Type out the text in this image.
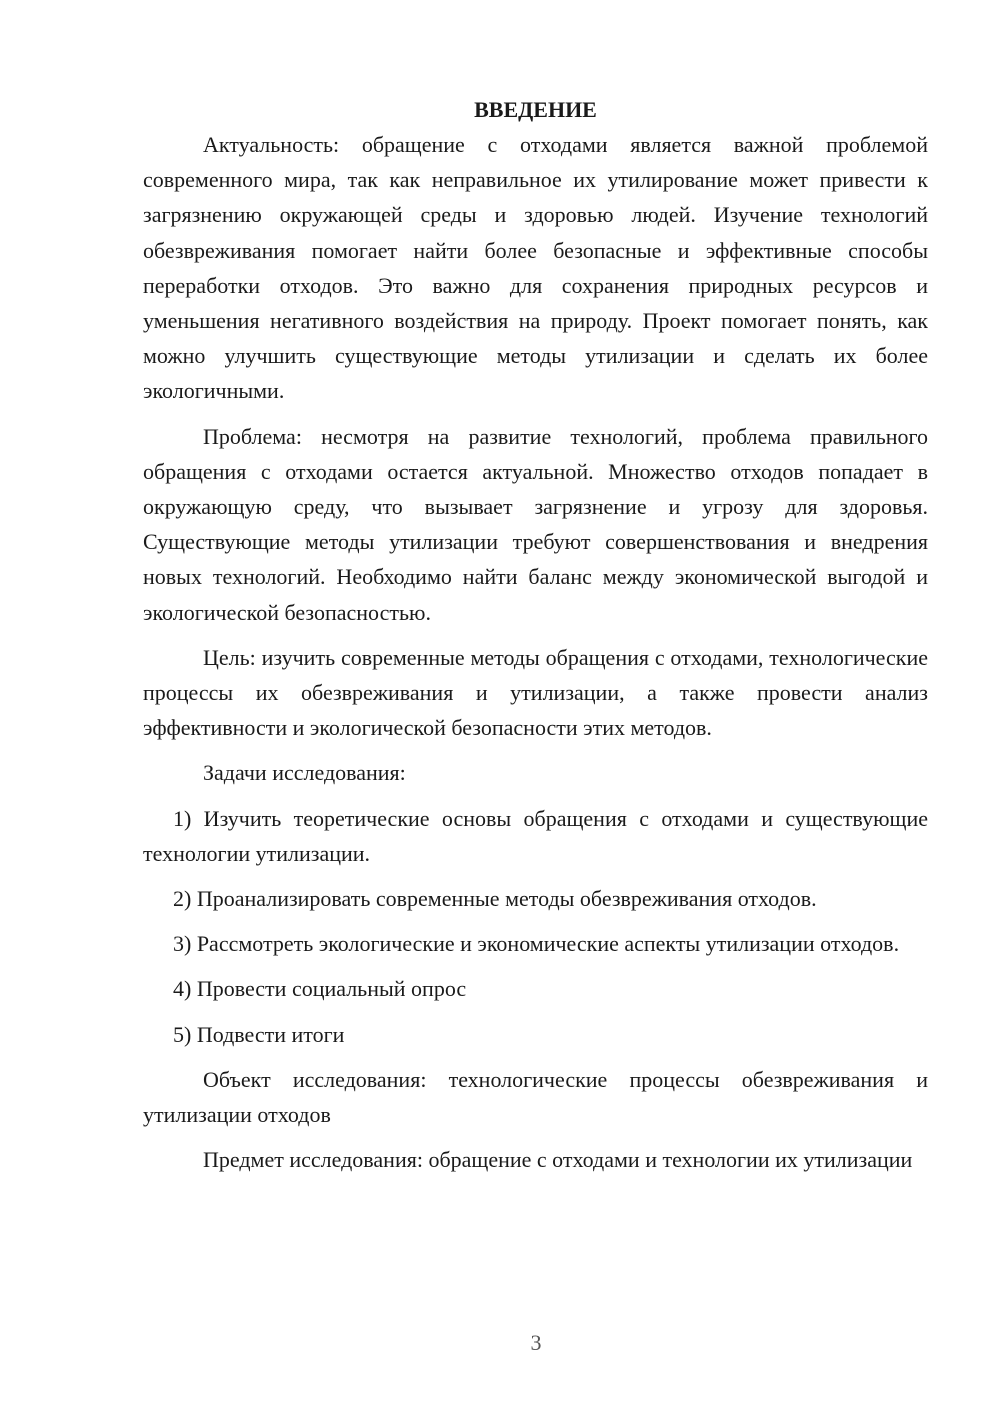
ВВЕДЕНИЕ

Актуальность: обращение с отходами является важной проблемой современного мира, так как неправильное их утилирование может привести к загрязнению окружающей среды и здоровью людей. Изучение технологий обезвреживания помогает найти более безопасные и эффективные способы переработки отходов. Это важно для сохранения природных ресурсов и уменьшения негативного воздействия на природу. Проект помогает понять, как можно улучшить существующие методы утилизации и сделать их более экологичными.

Проблема: несмотря на развитие технологий, проблема правильного обращения с отходами остается актуальной. Множество отходов попадает в окружающую среду, что вызывает загрязнение и угрозу для здоровья. Существующие методы утилизации требуют совершенствования и внедрения новых технологий. Необходимо найти баланс между экономической выгодой и экологической безопасностью.

Цель: изучить современные методы обращения с отходами, технологические процессы их обезвреживания и утилизации, а также провести анализ эффективности и экологической безопасности этих методов.

Задачи исследования:

1) Изучить теоретические основы обращения с отходами и существующие технологии утилизации.

2) Проанализировать современные методы обезвреживания отходов.

3) Рассмотреть экологические и экономические аспекты утилизации отходов.

4) Провести социальный опрос

5) Подвести итоги

Объект исследования: технологические процессы обезвреживания и утилизации отходов

Предмет исследования: обращение с отходами и технологии их утилизации

3
